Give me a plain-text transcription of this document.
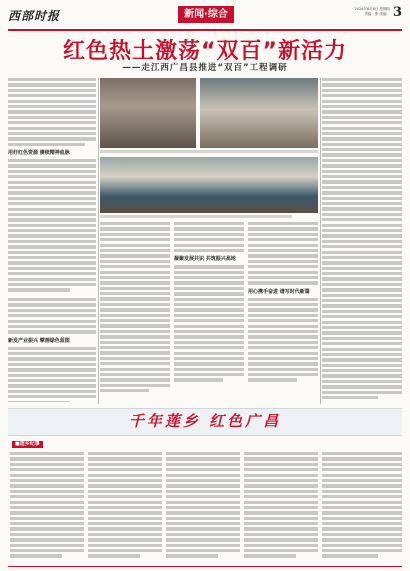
西部时报	新闻·综合	2024年8月8日 星期四
责编：张·美编： 3
红色热土激荡“双百”新活力
——走江西广昌县推进“双百”工程调研
用好红色资源 赓续精神血脉
新发产业振兴 擘画绿色蓝图
凝聚发展共识 共筑振兴高地
用心携手奋进 谱写时代新篇
千年莲乡 红色广昌
■莲乡纪事
